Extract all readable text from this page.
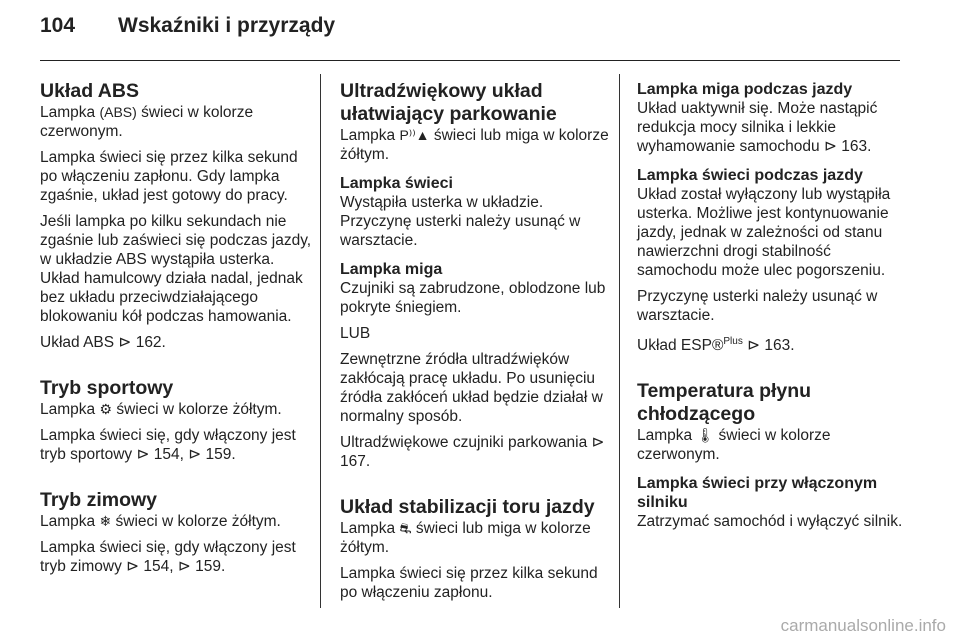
104	Wskaźniki i przyrządy
Układ ABS

Lampka (ABS) świeci w kolorze czerwonym.

Lampka świeci się przez kilka sekund po włączeniu zapłonu. Gdy lampka zgaśnie, układ jest gotowy do pracy.

Jeśli lampka po kilku sekundach nie zgaśnie lub zaświeci się podczas jazdy, w układzie ABS wystąpiła usterka. Układ hamulcowy działa nadal, jednak bez układu przeciwdziałającego blokowaniu kół podczas hamowania.

Układ ABS ⊳ 162.

Tryb sportowy

Lampka ⚙ świeci w kolorze żółtym.

Lampka świeci się, gdy włączony jest tryb sportowy ⊳ 154, ⊳ 159.

Tryb zimowy

Lampka ❄ świeci w kolorze żółtym.

Lampka świeci się, gdy włączony jest tryb zimowy ⊳ 154, ⊳ 159.

Ultradźwiękowy układ ułatwiający parkowanie

Lampka P⁾⁾▲ świeci lub miga w kolorze żółtym.

Lampka świeci

Wystąpiła usterka w układzie. Przyczynę usterki należy usunąć w warsztacie.

Lampka miga

Czujniki są zabrudzone, oblodzone lub pokryte śniegiem.

LUB

Zewnętrzne źródła ultradźwięków zakłócają pracę układu. Po usunięciu źródła zakłóceń układ będzie działał w normalny sposób.

Ultradźwiękowe czujniki parkowania ⊳ 167.

Układ stabilizacji toru jazdy

Lampka ⛐ świeci lub miga w kolorze żółtym.

Lampka świeci się przez kilka sekund po włączeniu zapłonu.

Lampka miga podczas jazdy

Układ uaktywnił się. Może nastąpić redukcja mocy silnika i lekkie wyhamowanie samochodu ⊳ 163.

Lampka świeci podczas jazdy

Układ został wyłączony lub wystąpiła usterka. Możliwe jest kontynuowanie jazdy, jednak w zależności od stanu nawierzchni drogi stabilność samochodu może ulec pogorszeniu.

Przyczynę usterki należy usunąć w warsztacie.

Układ ESP®$^{Plus}$ ⊳ 163.

Temperatura płynu chłodzącego

Lampka 🌡 świeci w kolorze czerwonym.

Lampka świeci przy włączonym silniku

Zatrzymać samochód i wyłączyć silnik.

carmanualsonline.info
